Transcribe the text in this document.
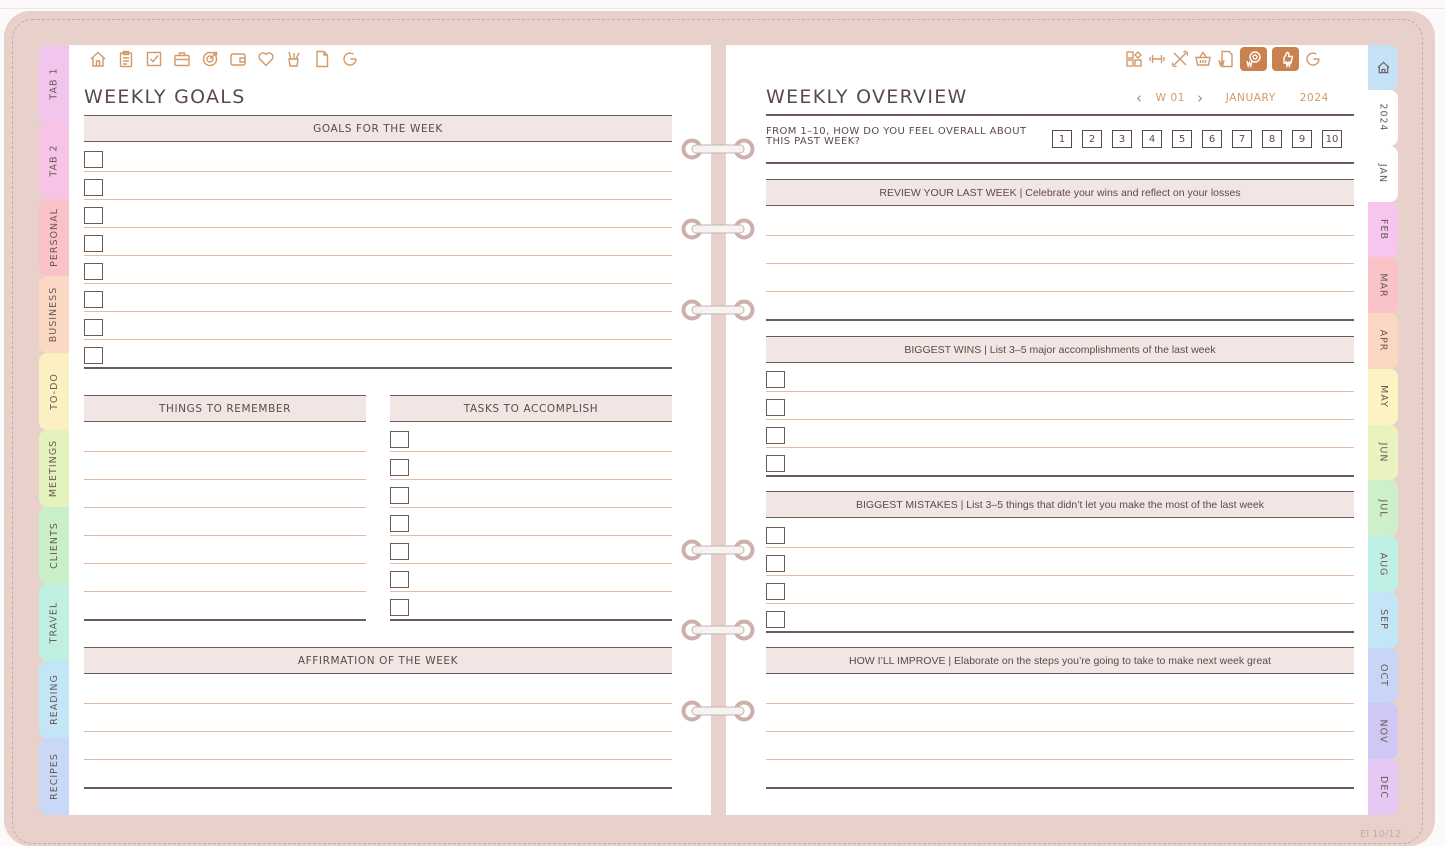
TAB 1
TAB 2
PERSONAL
BUSINESS
TO-DO
MEETINGS
CLIENTS
TRAVEL
READING
RECIPES
2024
JAN
FEB
MAR
APR
MAY
JUN
JUL
AUG
SEP
OCT
NOV
DEC
WEEKLY GOALS
GOALS FOR THE WEEK
THINGS TO REMEMBER	TASKS TO ACCOMPLISH
AFFIRMATION OF THE WEEK
WEEKLY OVERVIEW	‹ W 01 › JANUARY 2024
FROM 1–10, HOW DO YOU FEEL OVERALL ABOUT THIS PAST WEEK?	1	2	3	4	5	6	7	8	9	10
REVIEW YOUR LAST WEEK | Celebrate your wins and reflect on your losses
BIGGEST WINS | List 3–5 major accomplishments of the last week
BIGGEST MISTAKES | List 3–5 things that didn’t let you make the most of the last week
HOW I’LL IMPROVE | Elaborate on the steps you’re going to take to make next week great
El 10/12
